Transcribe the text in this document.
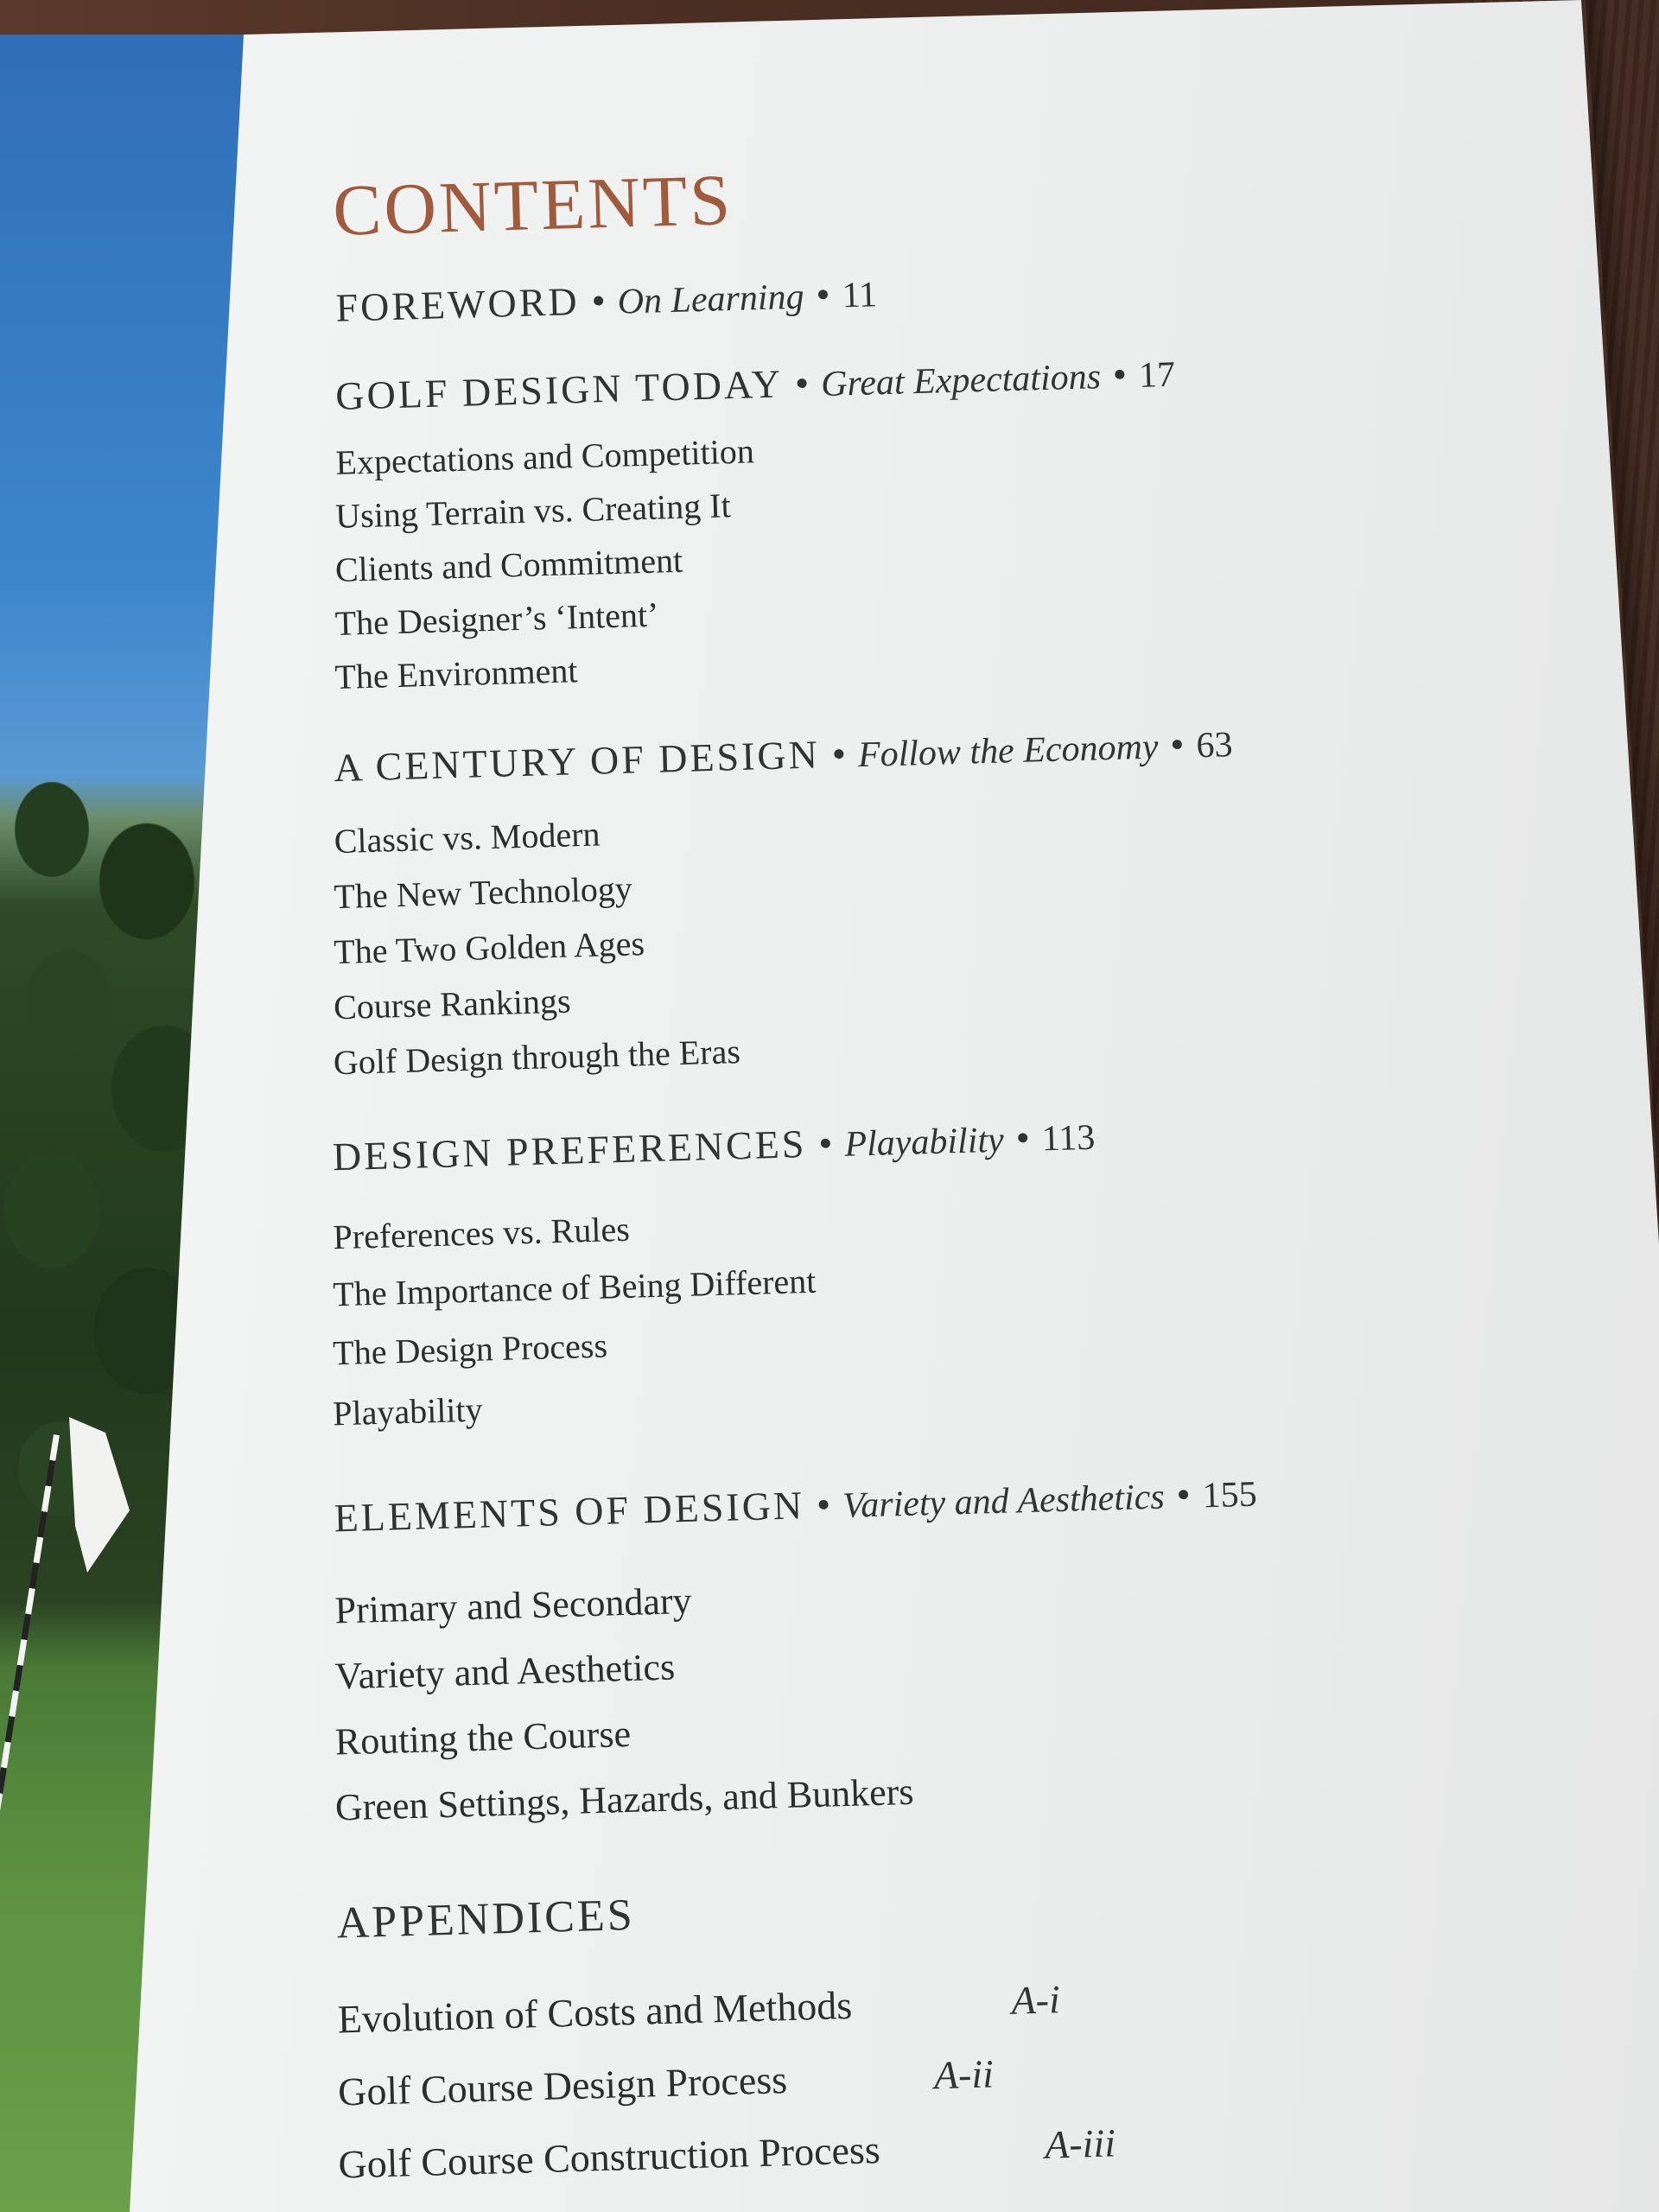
CONTENTS
FOREWORD • On Learning • 11
GOLF DESIGN TODAY • Great Expectations • 17
Expectations and Competition
Using Terrain vs. Creating It
Clients and Commitment
The Designer’s ‘Intent’
The Environment
A CENTURY OF DESIGN • Follow the Economy • 63
Classic vs. Modern
The New Technology
The Two Golden Ages
Course Rankings
Golf Design through the Eras
DESIGN PREFERENCES • Playability • 113
Preferences vs. Rules
The Importance of Being Different
The Design Process
Playability
ELEMENTS OF DESIGN • Variety and Aesthetics • 155
Primary and Secondary
Variety and Aesthetics
Routing the Course
Green Settings, Hazards, and Bunkers
APPENDICES
Evolution of Costs and Methods	A-i
Golf Course Design Process	A-ii
Golf Course Construction Process	A-iii
